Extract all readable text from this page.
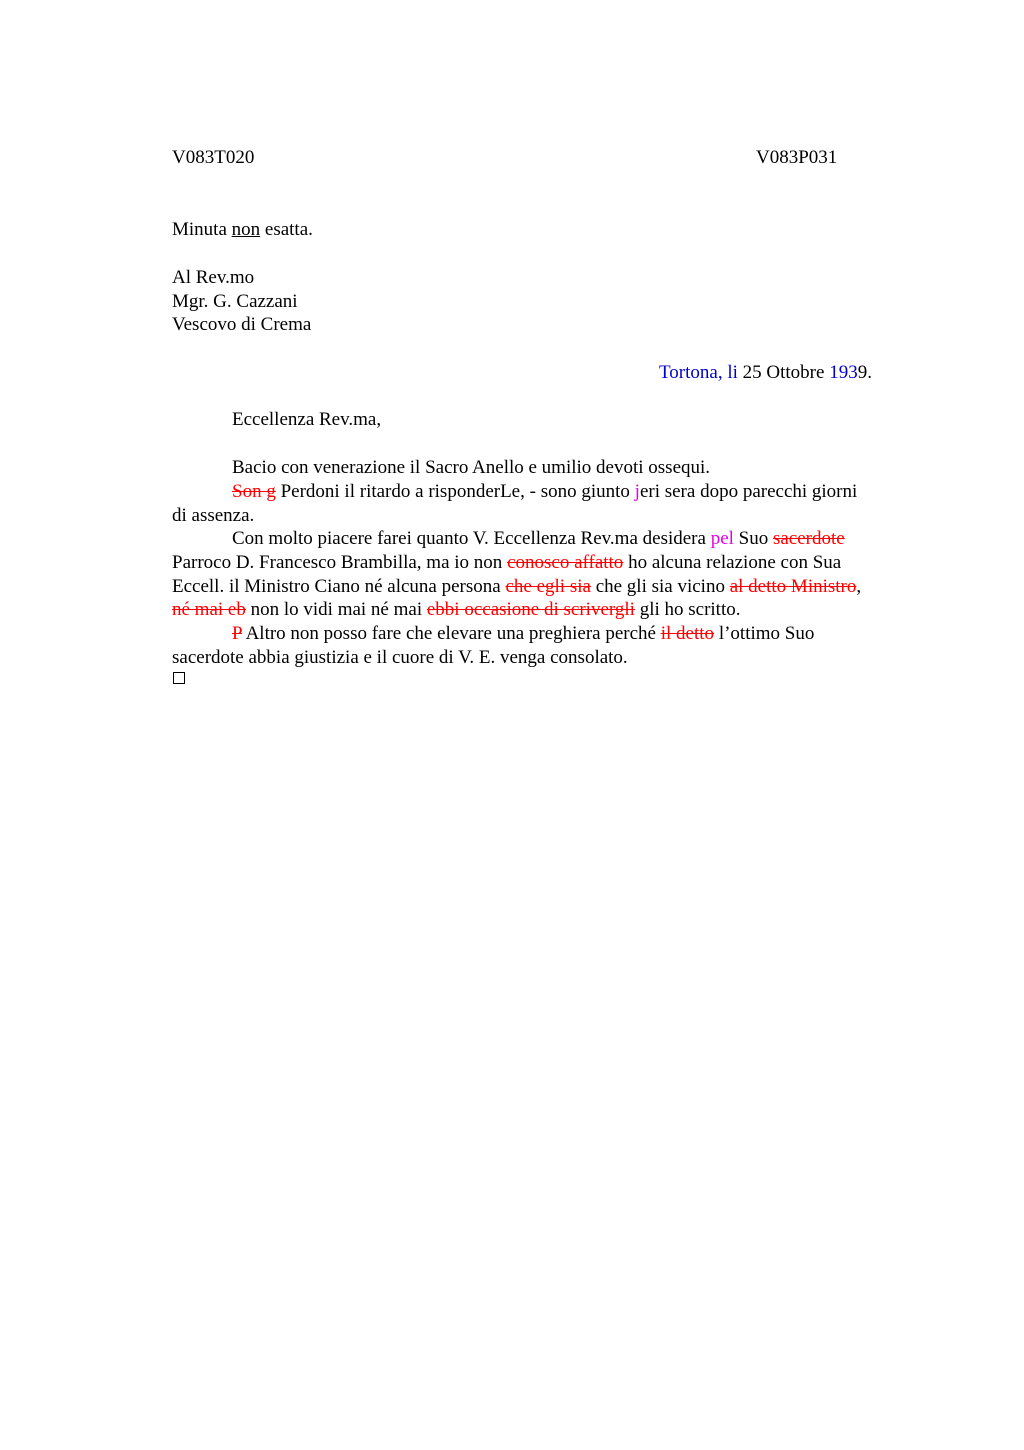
V083T020	V083P031
Minuta non esatta.
Al Rev.mo
Mgr. G. Cazzani
Vescovo di Crema
Tortona, li 25 Ottobre 1939.
Eccellenza Rev.ma,
Bacio con venerazione il Sacro Anello e umilio devoti ossequi.
Son g Perdoni il ritardo a risponderLe, - sono giunto jeri sera dopo parecchi giorni
di assenza.
Con molto piacere farei quanto V. Eccellenza Rev.ma desidera pel Suo sacerdote
Parroco D. Francesco Brambilla, ma io non conosco affatto ho alcuna relazione con Sua
Eccell. il Ministro Ciano né alcuna persona che egli sia che gli sia vicino al detto Ministro,
né mai eb non lo vidi mai né mai ebbi occasione di scrivergli gli ho scritto.
P Altro non posso fare che elevare una preghiera perché il detto l’ottimo Suo
sacerdote abbia giustizia e il cuore di V. E. venga consolato.
